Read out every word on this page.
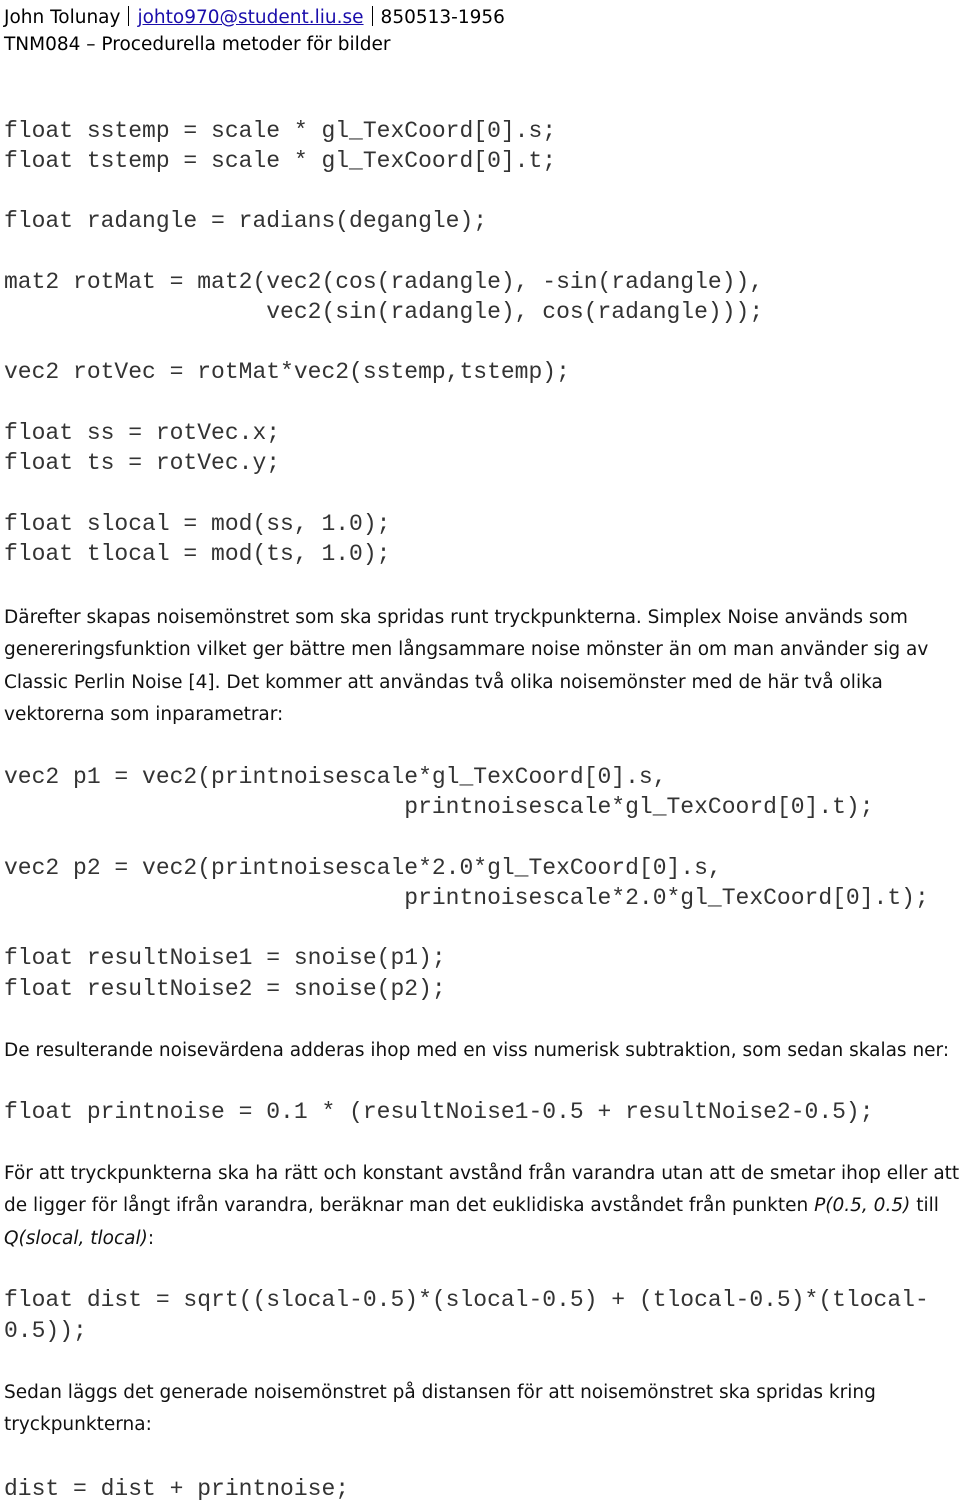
John Tolunay johto970@student.liu.se 850513-1956
TNM084 – Procedurella metoder för bilder
float sstemp = scale * gl_TexCoord[0].s;
float tstemp = scale * gl_TexCoord[0].t;
float radangle = radians(degangle);
mat2 rotMat = mat2(vec2(cos(radangle), -sin(radangle)),
vec2(sin(radangle), cos(radangle)));
vec2 rotVec = rotMat*vec2(sstemp,tstemp);
float ss = rotVec.x;
float ts = rotVec.y;
float slocal = mod(ss, 1.0);
float tlocal = mod(ts, 1.0);
Därefter skapas noisemönstret som ska spridas runt tryckpunkterna. Simplex Noise används som
genereringsfunktion vilket ger bättre men långsammare noise mönster än om man använder sig av
Classic Perlin Noise [4]. Det kommer att användas två olika noisemönster med de här två olika
vektorerna som inparametrar:
vec2 p1 = vec2(printnoisescale*gl_TexCoord[0].s,
printnoisescale*gl_TexCoord[0].t);
vec2 p2 = vec2(printnoisescale*2.0*gl_TexCoord[0].s,
printnoisescale*2.0*gl_TexCoord[0].t);
float resultNoise1 = snoise(p1);
float resultNoise2 = snoise(p2);
De resulterande noisevärdena adderas ihop med en viss numerisk subtraktion, som sedan skalas ner:
float printnoise = 0.1 * (resultNoise1-0.5 + resultNoise2-0.5);
För att tryckpunkterna ska ha rätt och konstant avstånd från varandra utan att de smetar ihop eller att
de ligger för långt ifrån varandra, beräknar man det euklidiska avståndet från punkten P(0.5, 0.5) till
Q(slocal, tlocal):
float dist = sqrt((slocal-0.5)*(slocal-0.5) + (tlocal-0.5)*(tlocal-
0.5));
Sedan läggs det generade noisemönstret på distansen för att noisemönstret ska spridas kring
tryckpunkterna:
dist = dist + printnoise;
